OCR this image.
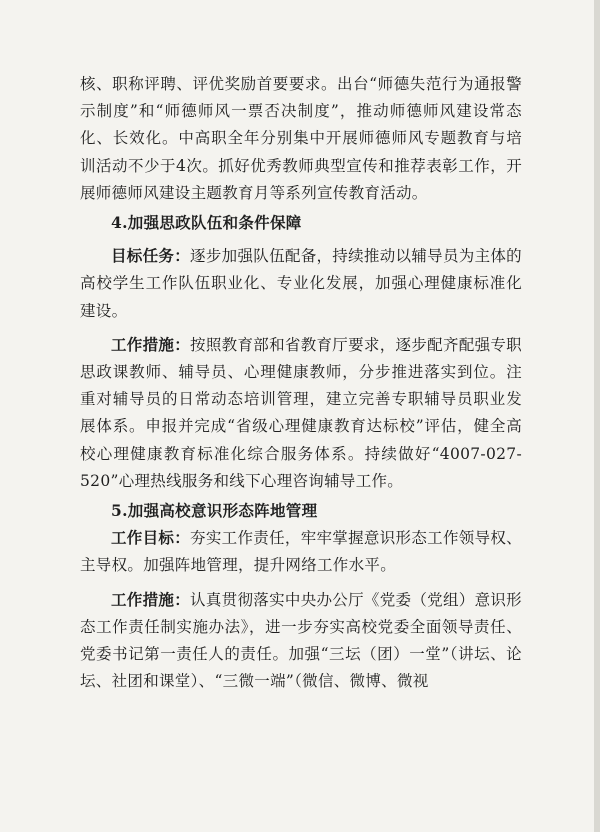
核、职称评聘、评优奖励首要要求。出台“师德失范行为通报警示制度”和“师德师风一票否决制度”，推动师德师风建设常态化、长效化。中高职全年分别集中开展师德师风专题教育与培训活动不少于4次。抓好优秀教师典型宣传和推荐表彰工作，开展师德师风建设主题教育月等系列宣传教育活动。

4.加强思政队伍和条件保障

目标任务：逐步加强队伍配备，持续推动以辅导员为主体的高校学生工作队伍职业化、专业化发展，加强心理健康标准化建设。

工作措施：按照教育部和省教育厅要求，逐步配齐配强专职思政课教师、辅导员、心理健康教师，分步推进落实到位。注重对辅导员的日常动态培训管理，建立完善专职辅导员职业发展体系。申报并完成“省级心理健康教育达标校”评估，健全高校心理健康教育标准化综合服务体系。持续做好“4007-027-520”心理热线服务和线下心理咨询辅导工作。

5.加强高校意识形态阵地管理

工作目标：夯实工作责任，牢牢掌握意识形态工作领导权、主导权。加强阵地管理，提升网络工作水平。

工作措施：认真贯彻落实中央办公厅《党委（党组）意识形态工作责任制实施办法》，进一步夯实高校党委全面领导责任、党委书记第一责任人的责任。加强“三坛（团）一堂”（讲坛、论坛、社团和课堂）、“三微一端”（微信、微博、微视
